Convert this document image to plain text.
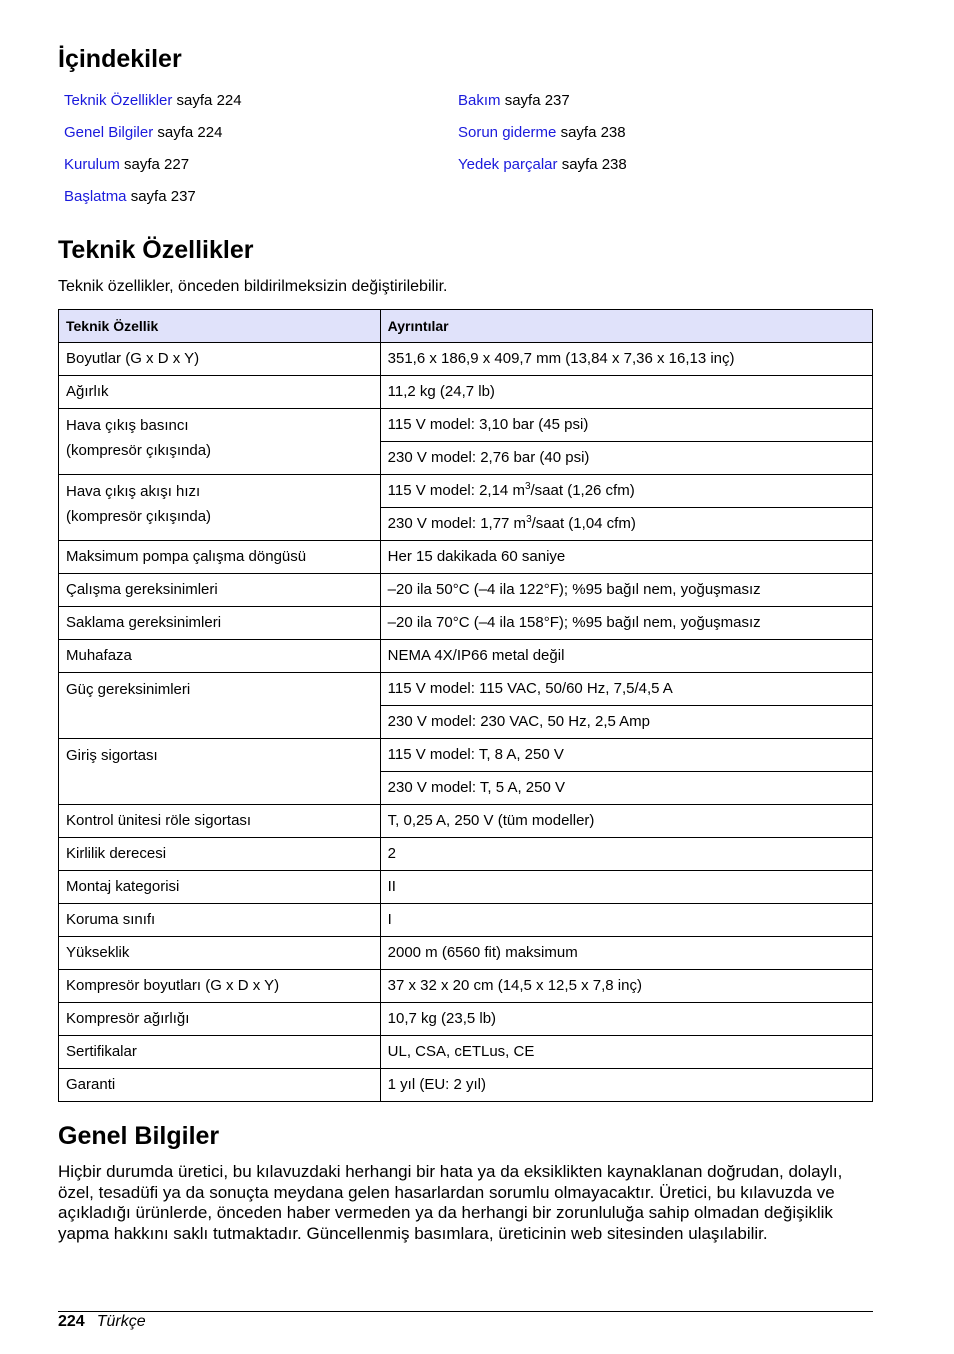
İçindekiler
Teknik Özellikler sayfa 224
Genel Bilgiler sayfa 224
Kurulum sayfa 227
Başlatma sayfa 237
Bakım sayfa 237
Sorun giderme sayfa 238
Yedek parçalar sayfa 238
Teknik Özellikler
Teknik özellikler, önceden bildirilmeksizin değiştirilebilir.
Teknik Özellik	Ayrıntılar
Boyutlar (G x D x Y)	351,6 x 186,9 x 409,7 mm (13,84 x 7,36 x 16,13 inç)
Ağırlık	11,2 kg (24,7 lb)

Hava çıkış basıncı
(kompresör çıkışında)	115 V model: 3,10 bar (45 psi)
	230 V model: 2,76 bar (40 psi)

Hava çıkış akışı hızı
(kompresör çıkışında)	115 V model: 2,14 $m^3$/saat (1,26 cfm)
	230 V model: 1,77 $m^3$/saat (1,04 cfm)
Maksimum pompa çalışma döngüsü	Her 15 dakikada 60 saniye
Çalışma gereksinimleri	–20 ila 50°C (–4 ila 122°F); %95 bağıl nem, yoğuşmasız
Saklama gereksinimleri	–20 ila 70°C (–4 ila 158°F); %95 bağıl nem, yoğuşmasız
Muhafaza	NEMA 4X/IP66 metal değil
Güç gereksinimleri	115 V model: 115 VAC, 50/60 Hz, 7,5/4,5 A
	230 V model: 230 VAC, 50 Hz, 2,5 Amp
Giriş sigortası	115 V model: T, 8 A, 250 V
	230 V model: T, 5 A, 250 V
Kontrol ünitesi röle sigortası	T, 0,25 A, 250 V (tüm modeller)
Kirlilik derecesi	2
Montaj kategorisi	II
Koruma sınıfı	I
Yükseklik	2000 m (6560 fit) maksimum
Kompresör boyutları (G x D x Y)	37 x 32 x 20 cm (14,5 x 12,5 x 7,8 inç)
Kompresör ağırlığı	10,7 kg (23,5 lb)
Sertifikalar	UL, CSA, cETLus, CE
Garanti	1 yıl (EU: 2 yıl)
Genel Bilgiler
Hiçbir durumda üretici, bu kılavuzdaki herhangi bir hata ya da eksiklikten kaynaklanan doğrudan, dolaylı, özel, tesadüfi ya da sonuçta meydana gelen hasarlardan sorumlu olmayacaktır. Üretici, bu kılavuzda ve açıkladığı ürünlerde, önceden haber vermeden ya da herhangi bir zorunluluğa sahip olmadan değişiklik yapma hakkını saklı tutmaktadır. Güncellenmiş basımlara, üreticinin web sitesinden ulaşılabilir.
224 Türkçe
